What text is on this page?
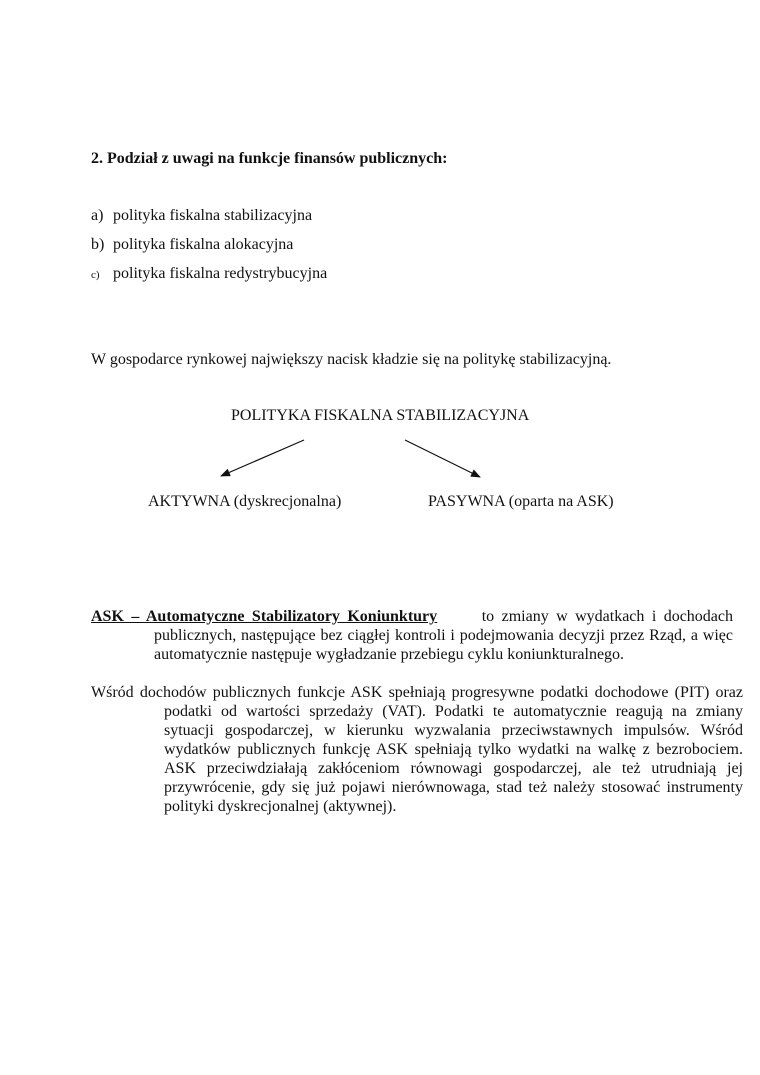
2. Podział z uwagi na funkcje finansów publicznych:
a) polityka fiskalna stabilizacyjna
b) polityka fiskalna alokacyjna
c) polityka fiskalna redystrybucyjna
W gospodarce rynkowej największy nacisk kładzie się na politykę stabilizacyjną.
POLITYKA FISKALNA STABILIZACYJNA
AKTYWNA (dyskrecjonalna)	PASYWNA (oparta na ASK)
ASK – Automatyczne Stabilizatory Koniunktury	to zmiany w wydatkach i dochodach publicznych, następujące bez ciągłej kontroli i podejmowania decyzji przez Rząd, a więc automatycznie następuje wygładzanie przebiegu cyklu koniunkturalnego.
Wśród dochodów publicznych funkcje ASK spełniają progresywne podatki dochodowe (PIT) oraz podatki od wartości sprzedaży (VAT). Podatki te automatycznie reagują na zmiany sytuacji gospodarczej, w kierunku wyzwalania przeciwstawnych impulsów. Wśród wydatków publicznych funkcję ASK spełniają tylko wydatki na walkę z bezrobociem. ASK przeciwdziałają zakłóceniom równowagi gospodarczej, ale też utrudniają jej przywrócenie, gdy się już pojawi nierównowaga, stad też należy stosować instrumenty polityki dyskrecjonalnej (aktywnej).
